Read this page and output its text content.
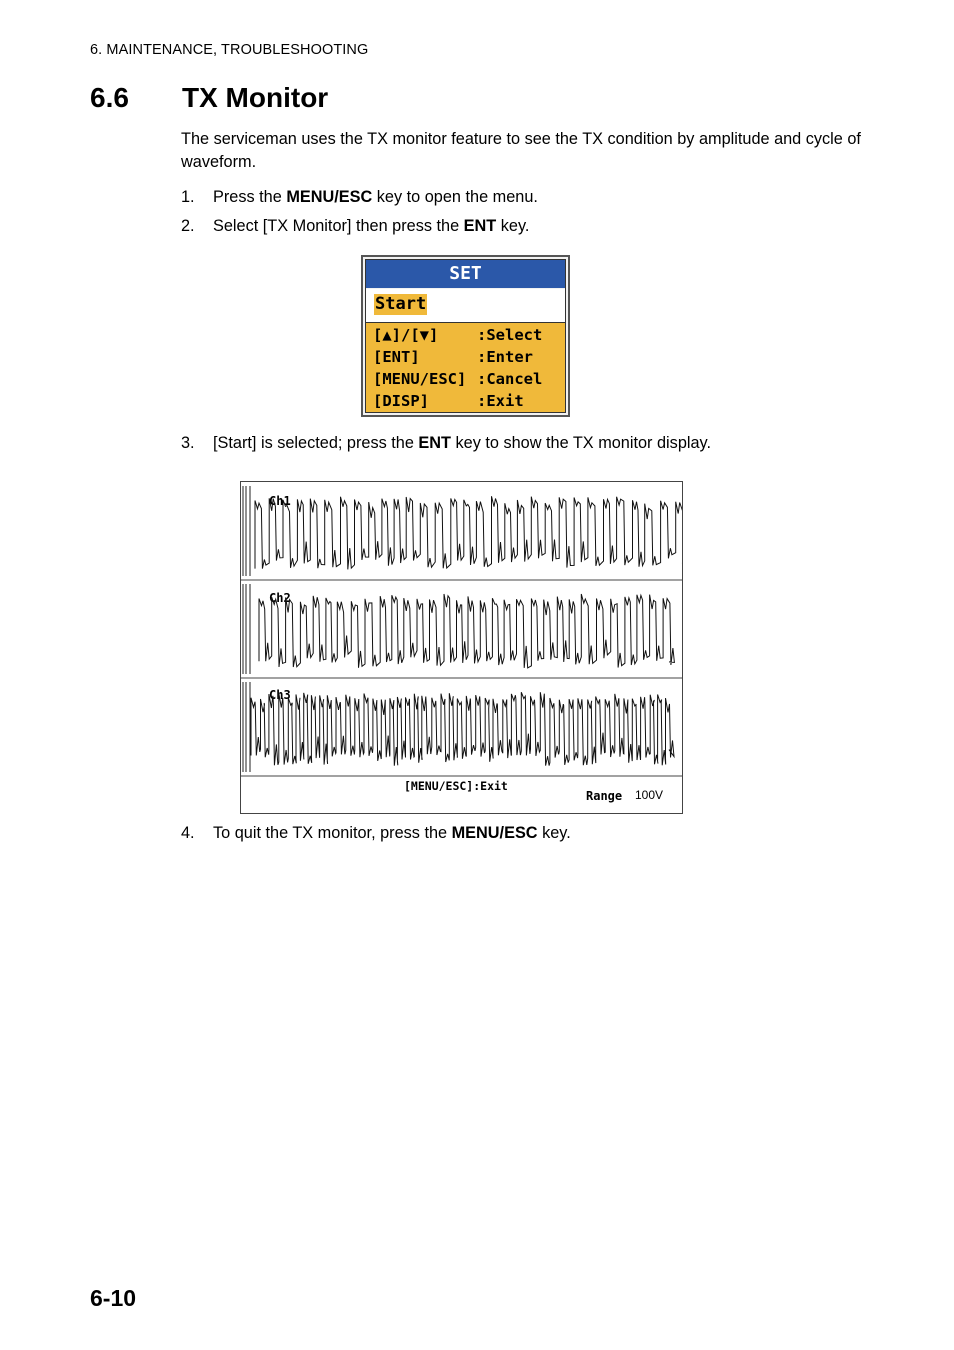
6. MAINTENANCE, TROUBLESHOOTING
6.6 TX Monitor

The serviceman uses the TX monitor feature to see the TX condition by amplitude and cycle of waveform.

1. Press the MENU/ESC key to open the menu.
2. Select [TX Monitor] then press the ENT key.
SET
Start
[▲]/[▼] :Select
[ENT]	:Enter
[MENU/ESC] :Cancel
[DISP]	:Exit
3. [Start] is selected; press the ENT key to show the TX monitor display.
Ch1
Ch2
Ch3
[MENU/ESC]:Exit
Range 100V
4. To quit the TX monitor, press the MENU/ESC key.
6-10
